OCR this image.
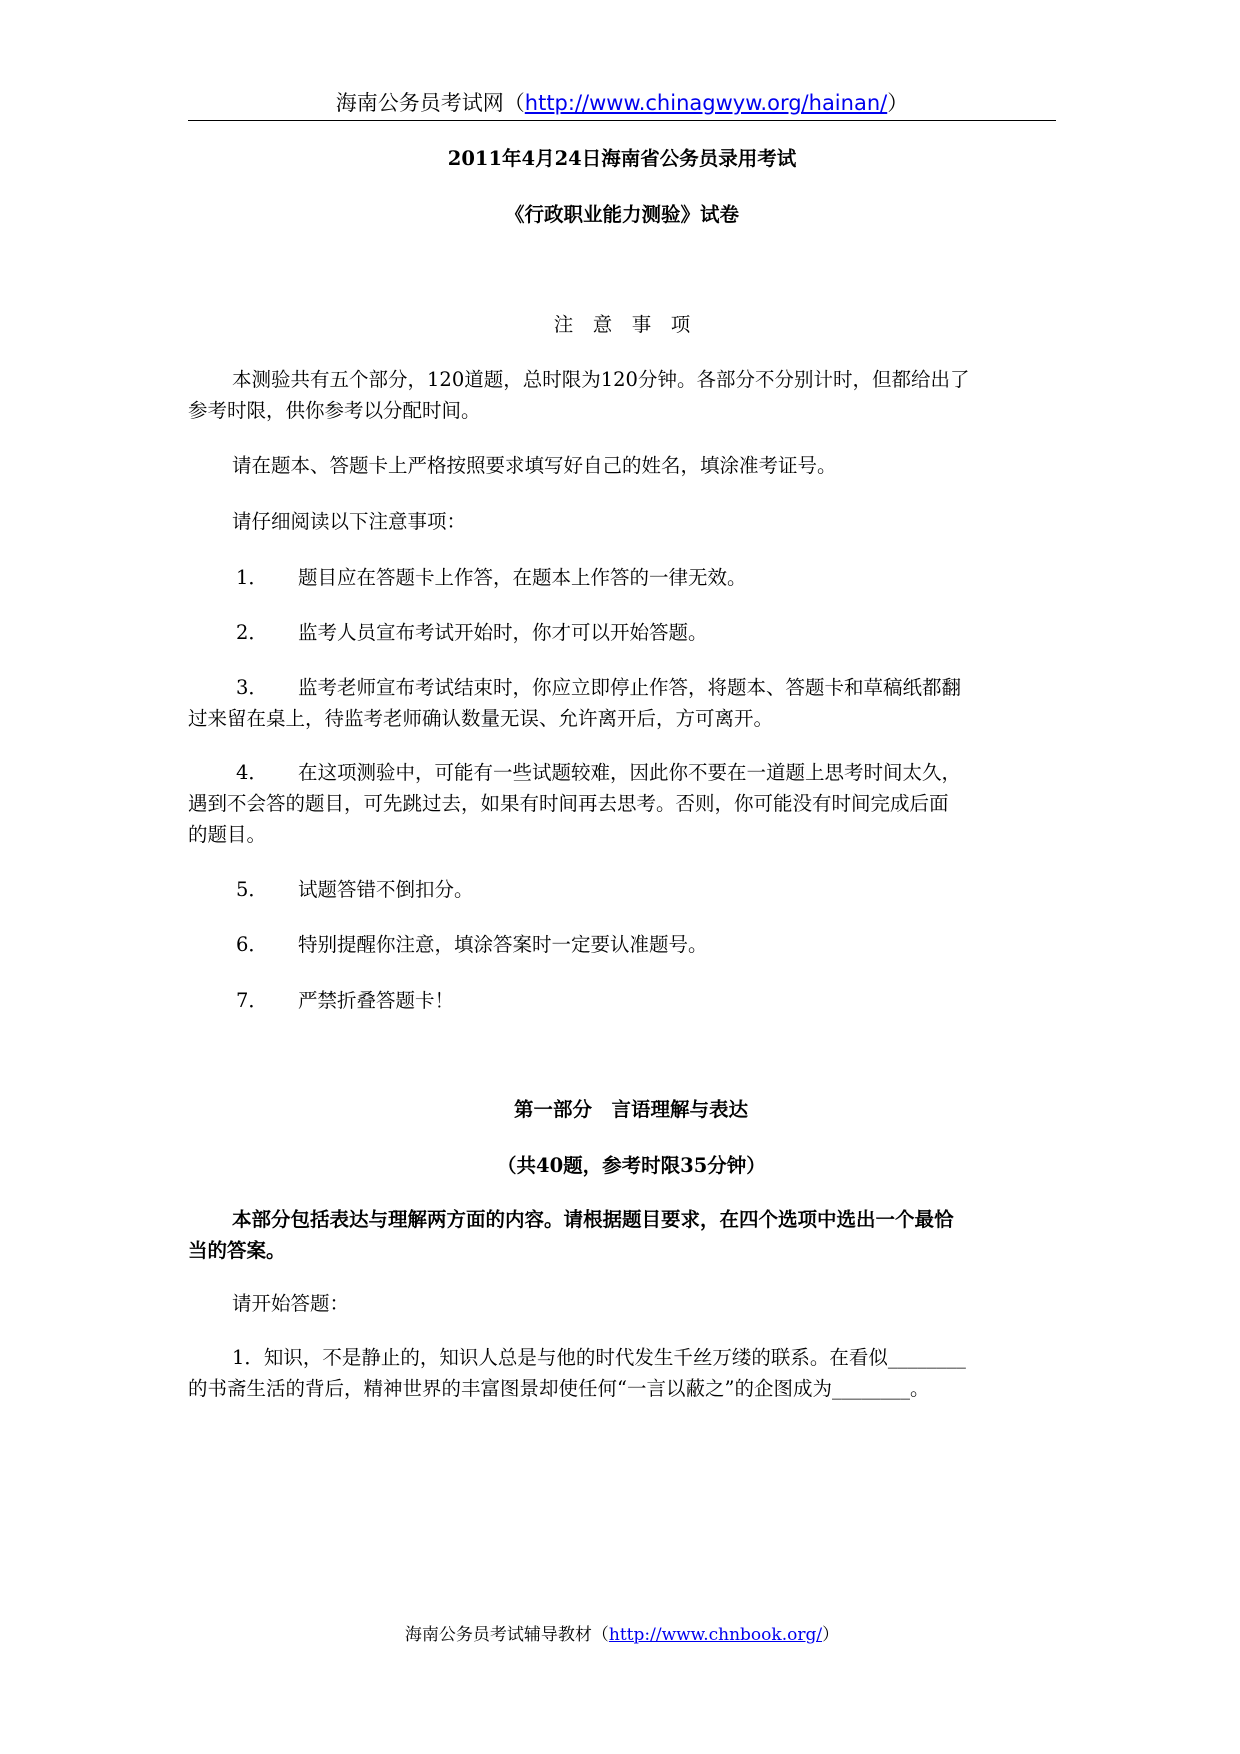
海南公务员考试网（http://www.chinagwyw.org/hainan/）
2011年4月24日海南省公务员录用考试
《行政职业能力测验》试卷
注　意　事　项
本测验共有五个部分，120道题，总时限为120分钟。各部分不分别计时，但都给出了
参考时限，供你参考以分配时间。
请在题本、答题卡上严格按照要求填写好自己的姓名，填涂准考证号。
请仔细阅读以下注意事项：
1． 题目应在答题卡上作答，在题本上作答的一律无效。
2． 监考人员宣布考试开始时，你才可以开始答题。
3． 监考老师宣布考试结束时，你应立即停止作答，将题本、答题卡和草稿纸都翻
过来留在桌上，待监考老师确认数量无误、允许离开后，方可离开。
4． 在这项测验中，可能有一些试题较难，因此你不要在一道题上思考时间太久，
遇到不会答的题目，可先跳过去，如果有时间再去思考。否则，你可能没有时间完成后面
的题目。
5． 试题答错不倒扣分。
6． 特别提醒你注意，填涂答案时一定要认准题号。
7． 严禁折叠答题卡！
第一部分　言语理解与表达
（共40题，参考时限35分钟）
本部分包括表达与理解两方面的内容。请根据题目要求，在四个选项中选出一个最恰
当的答案。
请开始答题：
1．知识，不是静止的，知识人总是与他的时代发生千丝万缕的联系。在看似________
的书斋生活的背后，精神世界的丰富图景却使任何“一言以蔽之”的企图成为________。
海南公务员考试辅导教材（http://www.chnbook.org/）
